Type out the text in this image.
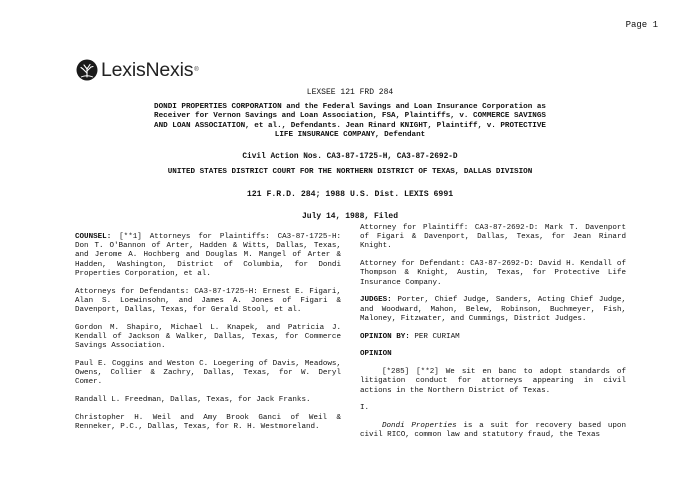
Page 1
LexisNexis ®
LEXSEE 121 FRD 284
DONDI PROPERTIES CORPORATION and the Federal Savings and Loan Insurance Corporation as Receiver for Vernon Savings and Loan Association, FSA, Plaintiffs, v. COMMERCE SAVINGS AND LOAN ASSOCIATION, et al., Defendants. Jean Rinard KNIGHT, Plaintiff, v. PROTECTIVE LIFE INSURANCE COMPANY, Defendant
Civil Action Nos. CA3-87-1725-H, CA3-87-2692-D
UNITED STATES DISTRICT COURT FOR THE NORTHERN DISTRICT OF TEXAS, DALLAS DIVISION
121 F.R.D. 284; 1988 U.S. Dist. LEXIS 6991
July 14, 1988, Filed

COUNSEL: [**1] Attorneys for Plaintiffs: CA3-87-1725-H: Don T. O'Bannon of Arter, Hadden & Witts, Dallas, Texas, and Jerome A. Hochberg and Douglas M. Mangel of Arter & Hadden, Washington, District of Columbia, for Dondi Properties Corporation, et al.

Attorneys for Defendants: CA3-87-1725-H: Ernest E. Figari, Alan S. Loewinsohn, and James A. Jones of Figari & Davenport, Dallas, Texas, for Gerald Stool, et al.

Gordon M. Shapiro, Michael L. Knapek, and Patricia J. Kendall of Jackson & Walker, Dallas, Texas, for Commerce Savings Association.

Paul E. Coggins and Weston C. Loegering of Davis, Meadows, Owens, Collier & Zachry, Dallas, Texas, for W. Deryl Comer.

Randall L. Freedman, Dallas, Texas, for Jack Franks.

Christopher H. Weil and Amy Brook Ganci of Weil & Renneker, P.C., Dallas, Texas, for R. H. Westmoreland.

Attorney for Plaintiff: CA3-87-2692-D: Mark T. Davenport of Figari & Davenport, Dallas, Texas, for Jean Rinard Knight.

Attorney for Defendant: CA3-87-2692-D: David H. Kendall of Thompson & Knight, Austin, Texas, for Protective Life Insurance Company.

JUDGES: Porter, Chief Judge, Sanders, Acting Chief Judge, and Woodward, Mahon, Belew, Robinson, Buchmeyer, Fish, Maloney, Fitzwater, and Cummings, District Judges.

OPINION BY: PER CURIAM

OPINION

[*285] [**2] We sit en banc to adopt standards of litigation conduct for attorneys appearing in civil actions in the Northern District of Texas.

I.

Dondi Properties is a suit for recovery based upon civil RICO, common law and statutory fraud, the Texas
